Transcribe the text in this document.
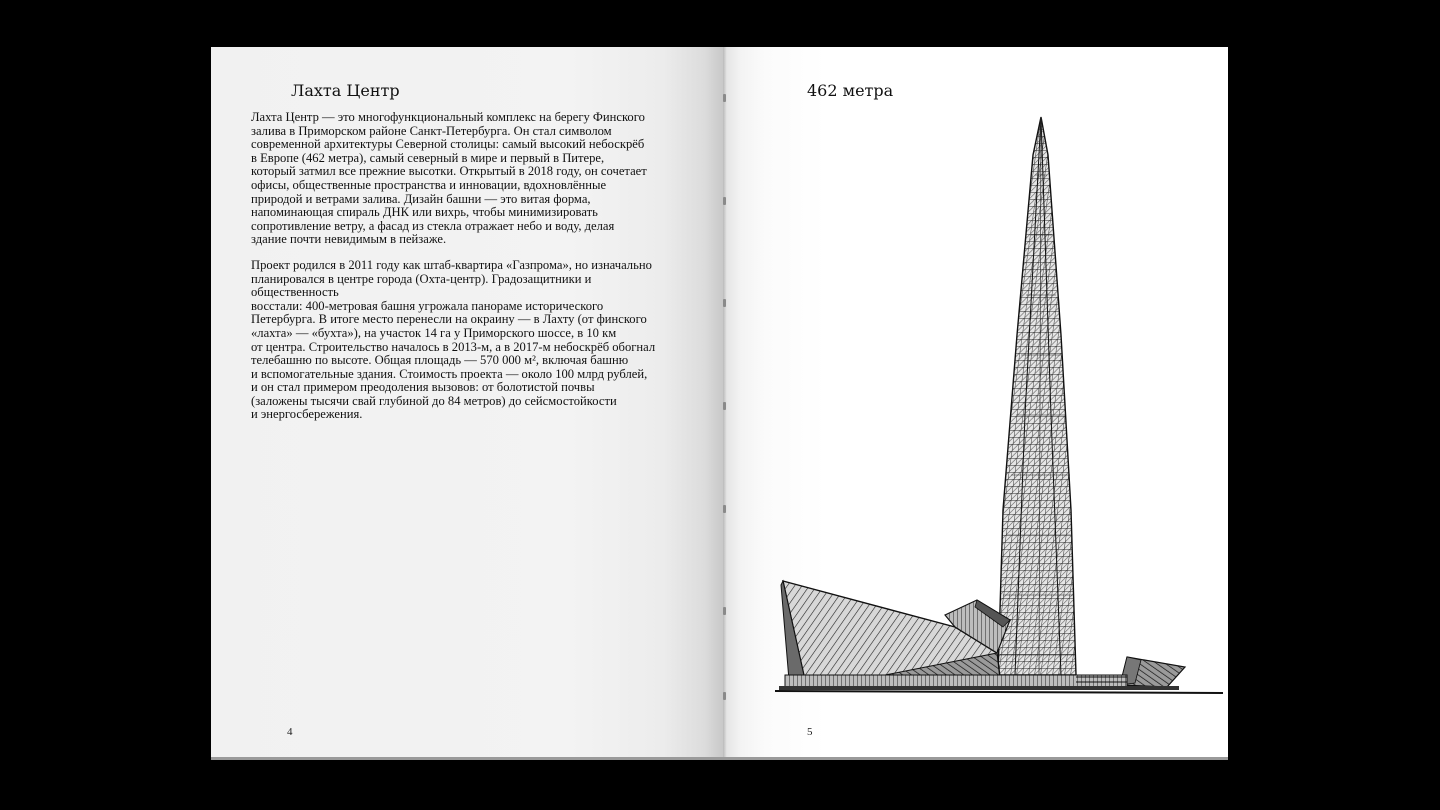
Лахта Центр

Лахта Центр — это многофункциональный комплекс на берегу Финского
залива в Приморском районе Санкт-Петербурга. Он стал символом
современной архитектуры Северной столицы: самый высокий небоскрёб
в Европе (462 метра), самый северный в мире и первый в Питере,
который затмил все прежние высотки. Открытый в 2018 году, он сочетает
офисы, общественные пространства и инновации, вдохновлённые
природой и ветрами залива. Дизайн башни — это витая форма,
напоминающая спираль ДНК или вихрь, чтобы минимизировать
сопротивление ветру, а фасад из стекла отражает небо и воду, делая
здание почти невидимым в пейзаже.

Проект родился в 2011 году как штаб-квартира «Газпрома», но изначально
планировался в центре города (Охта-центр). Градозащитники и общественность
восстали: 400-метровая башня угрожала панораме исторического
Петербурга. В итоге место перенесли на окраину — в Лахту (от финского
«лахта» — «бухта»), на участок 14 га у Приморского шоссе, в 10 км
от центра. Строительство началось в 2013-м, а в 2017-м небоскрёб обогнал
телебашню по высоте. Общая площадь — 570 000 м², включая башню
и вспомогательные здания. Стоимость проекта — около 100 млрд рублей,
и он стал примером преодоления вызовов: от болотистой почвы
(заложены тысячи свай глубиной до 84 метров) до сейсмостойкости
и энергосбережения.

4
462 метра
5
